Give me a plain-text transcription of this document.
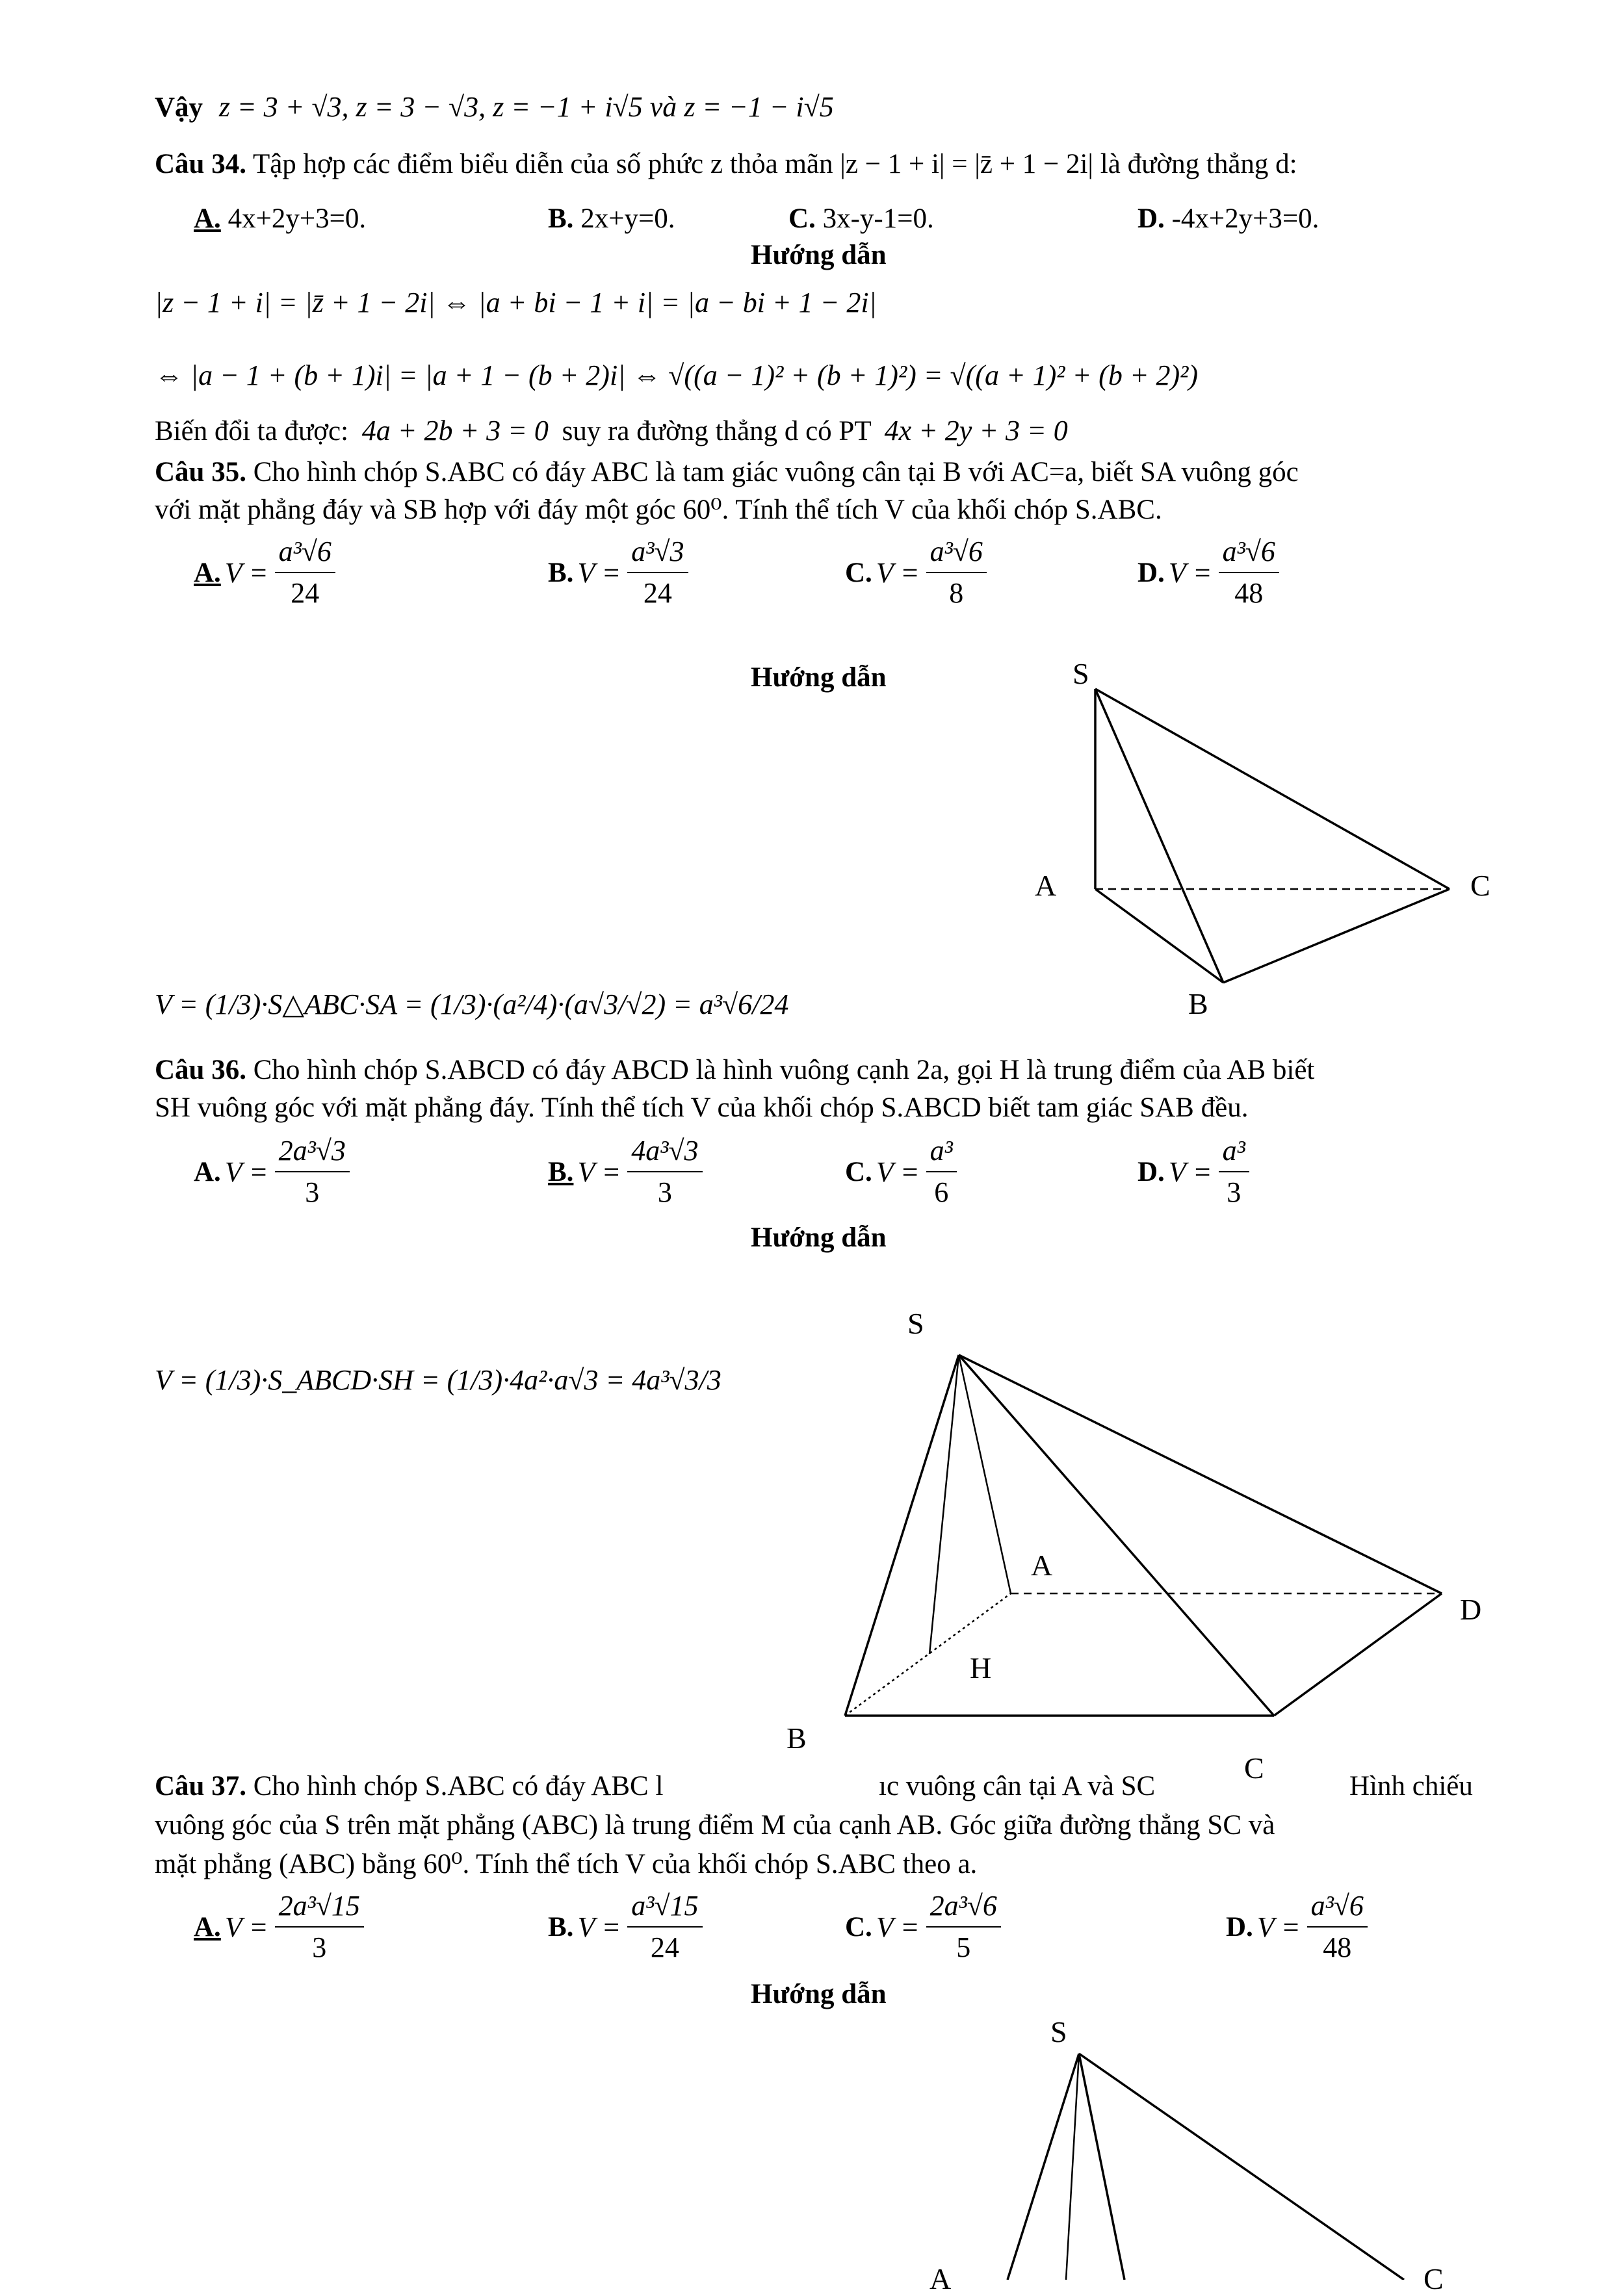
Vậy z = 3 + √3, z = 3 − √3, z = −1 + i√5 và z = −1 − i√5
Câu 34. Tập hợp các điểm biểu diễn của số phức z thỏa mãn |z − 1 + i| = |z̄ + 1 − 2i| là đường thẳng d:
A. 4x+2y+3=0.	B. 2x+y=0.	C. 3x-y-1=0.	D. -4x+2y+3=0.
Hướng dẫn
|z − 1 + i| = |z̄ + 1 − 2i| ⇔ |a + bi − 1 + i| = |a − bi + 1 − 2i|
⇔ |a − 1 + (b + 1)i| = |a + 1 − (b + 2)i| ⇔ √((a − 1)² + (b + 1)²) = √((a + 1)² + (b + 2)²)
Biến đổi ta được: 4a + 2b + 3 = 0 suy ra đường thẳng d có PT 4x + 2y + 3 = 0
Câu 35. Cho hình chóp S.ABC có đáy ABC là tam giác vuông cân tại B với AC=a, biết SA vuông góc
với mặt phẳng đáy và SB hợp với đáy một góc 60⁰. Tính thể tích V của khối chóp S.ABC.
A. $V = \frac{\text{a³√6}}{24}$	B. $V = \frac{\text{a³√3}}{24}$	C. $V = \frac{\text{a³√6}}{8}$	D. $V = \frac{\text{a³√6}}{48}$
Hướng dẫn
V = (1/3)·S△ABC·SA = (1/3)·(a²/4)·(a√3/√2) = a³√6/24
S
A	C
B
Câu 36. Cho hình chóp S.ABCD có đáy ABCD là hình vuông cạnh 2a, gọi H là trung điểm của AB biết
SH vuông góc với mặt phẳng đáy. Tính thể tích V của khối chóp S.ABCD biết tam giác SAB đều.
A. $V = \frac{\text{2a³√3}}{3}$	B. $V = \frac{\text{4a³√3}}{3}$	C. $V = \frac{\text{a³}}{6}$	D. $V = \frac{\text{a³}}{3}$
Hướng dẫn
V = (1/3)·S_ABCD·SH = (1/3)·4a²·a√3 = 4a³√3/3
S
A
D
H
B
C
Câu 37. Cho hình chóp S.ABC có đáy ABC l	ıc vuông cân tại A và SC	Hình chiếu
vuông góc của S trên mặt phẳng (ABC) là trung điểm M của cạnh AB. Góc giữa đường thẳng SC và
mặt phẳng (ABC) bằng 60⁰. Tính thể tích V của khối chóp S.ABC theo a.
A. $V = \frac{\text{2a³√15}}{3}$	B. $V = \frac{\text{a³√15}}{24}$	C. $V = \frac{\text{2a³√6}}{5}$	D. $V = \frac{\text{a³√6}}{48}$
Hướng dẫn
S
A	C
